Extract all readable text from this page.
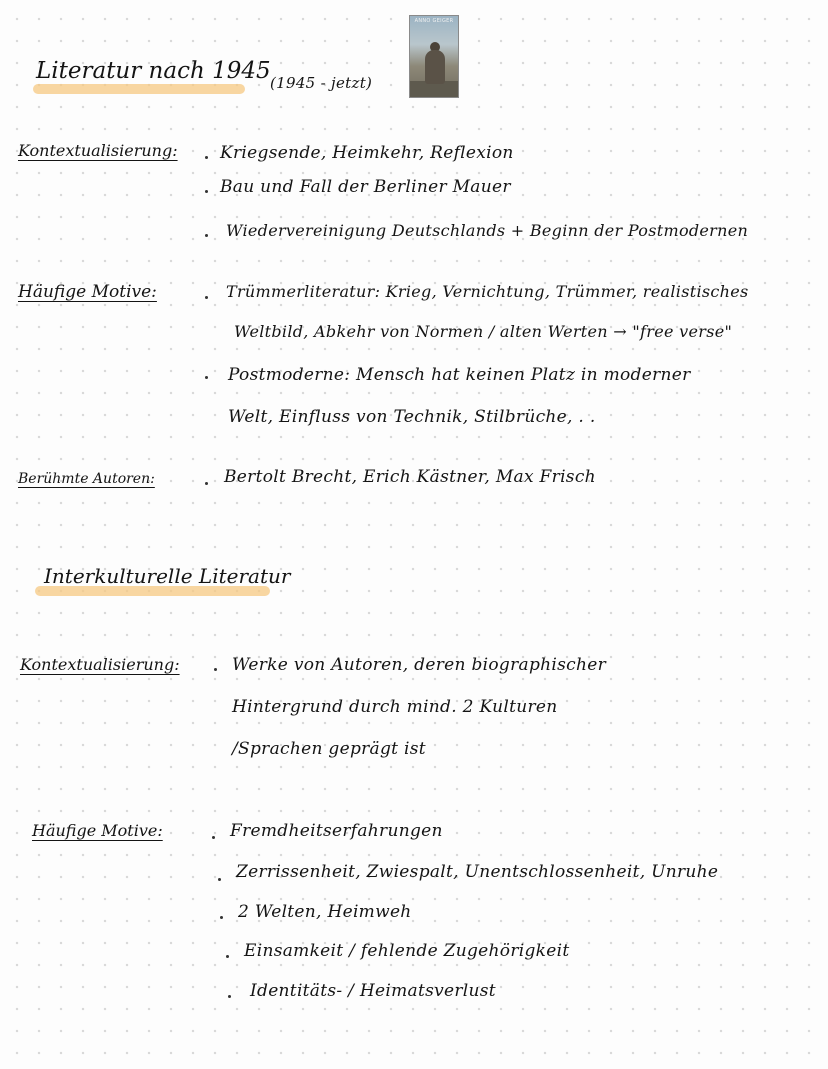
Literatur nach 1945 (1945 - jetzt)
ANNO GEIGER
Kontextualisierung: Kriegsende, Heimkehr, Reflexion
Bau und Fall der Berliner Mauer
Wiedervereinigung Deutschlands + Beginn der Postmodernen
Häufige Motive:	Trümmerliteratur: Krieg, Vernichtung, Trümmer, realistisches
Weltbild, Abkehr von Normen / alten Werten → "free verse"
Postmoderne: Mensch hat keinen Platz in moderner
Welt, Einfluss von Technik, Stilbrüche, . .
Berühmte Autoren:	Bertolt Brecht, Erich Kästner, Max Frisch
Interkulturelle Literatur
Kontextualisierung:	Werke von Autoren, deren biographischer
Hintergrund durch mind. 2 Kulturen
/Sprachen geprägt ist
Häufige Motive:	Fremdheitserfahrungen
Zerrissenheit, Zwiespalt, Unentschlossenheit, Unruhe
2 Welten, Heimweh
Einsamkeit / fehlende Zugehörigkeit
Identitäts- / Heimatsverlust
